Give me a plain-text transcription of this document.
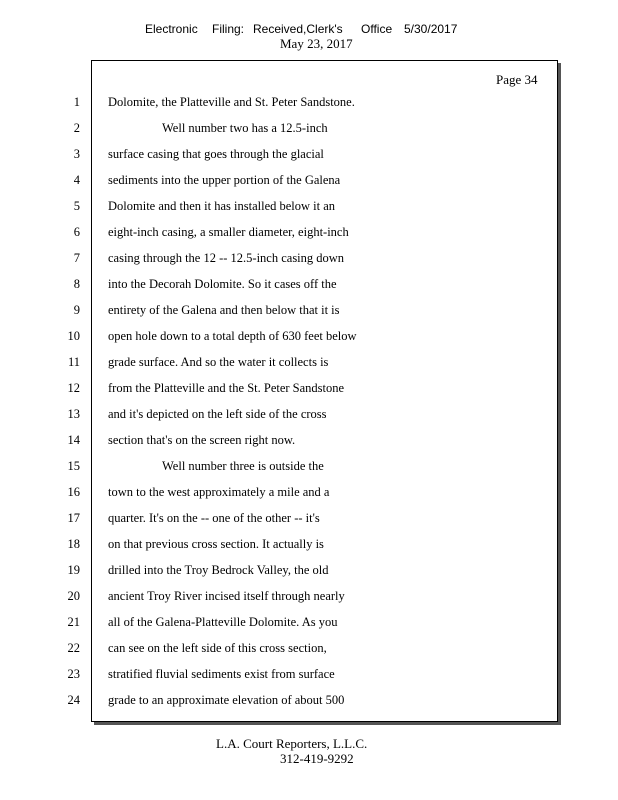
Electronic Filing: Received,Clerk's Office 5/30/2017
May 23, 2017
Page 34
1 Dolomite, the Platteville and St. Peter Sandstone.
2	Well number two has a 12.5-inch
3 surface casing that goes through the glacial
4 sediments into the upper portion of the Galena
5 Dolomite and then it has installed below it an
6 eight-inch casing, a smaller diameter, eight-inch
7 casing through the 12 -- 12.5-inch casing down
8 into the Decorah Dolomite. So it cases off the
9 entirety of the Galena and then below that it is
10 open hole down to a total depth of 630 feet below
11 grade surface. And so the water it collects is
12 from the Platteville and the St. Peter Sandstone
13 and it's depicted on the left side of the cross
14 section that's on the screen right now.
15	Well number three is outside the
16 town to the west approximately a mile and a
17 quarter. It's on the -- one of the other -- it's
18 on that previous cross section. It actually is
19 drilled into the Troy Bedrock Valley, the old
20 ancient Troy River incised itself through nearly
21 all of the Galena-Platteville Dolomite. As you
22 can see on the left side of this cross section,
23 stratified fluvial sediments exist from surface
24 grade to an approximate elevation of about 500
L.A. Court Reporters, L.L.C.
312-419-9292
